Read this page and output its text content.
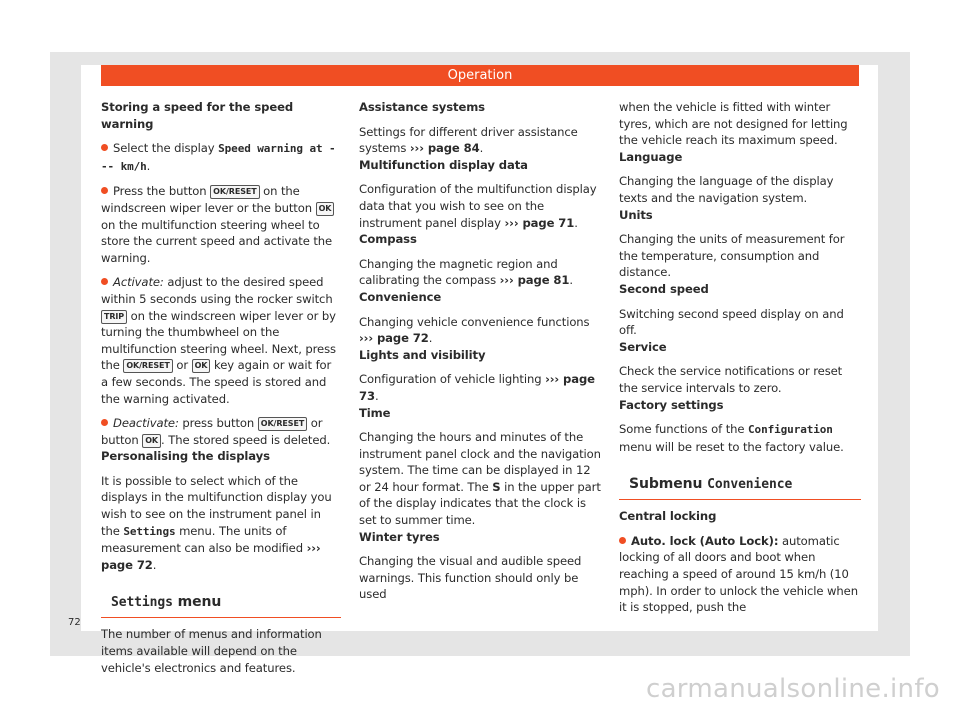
Operation

Storing a speed for the speed warning

Select the display Speed warning at --- km/h.

Press the button OK/RESET on the windscreen wiper lever or the button OK on the multifunction steering wheel to store the current speed and activate the warning.

Activate: adjust to the desired speed within 5 seconds using the rocker switch TRIP on the windscreen wiper lever or by turning the thumbwheel on the multifunction steering wheel. Next, press the OK/RESET or OK key again or wait for a few seconds. The speed is stored and the warning activated.

Deactivate: press button OK/RESET or button OK . The stored speed is deleted.

Personalising the displays

It is possible to select which of the displays in the multifunction display you wish to see on the instrument panel in the Settings menu. The units of measurement can also be modified ››› page 72.

Settings menu

The number of menus and information items available will depend on the vehicle's electronics and features.

Assistance systems

Settings for different driver assistance systems ››› page 84.

Multifunction display data

Configuration of the multifunction display data that you wish to see on the instrument panel display ››› page 71.

Compass

Changing the magnetic region and calibrating the compass ››› page 81.

Convenience

Changing vehicle convenience functions ››› page 72.

Lights and visibility

Configuration of vehicle lighting ››› page 73.

Time

Changing the hours and minutes of the instrument panel clock and the navigation system. The time can be displayed in 12 or 24 hour format. The S in the upper part of the display indicates that the clock is set to summer time.

Winter tyres

Changing the visual and audible speed warnings. This function should only be used

when the vehicle is fitted with winter tyres, which are not designed for letting the vehicle reach its maximum speed.

Language

Changing the language of the display texts and the navigation system.

Units

Changing the units of measurement for the temperature, consumption and distance.

Second speed

Switching second speed display on and off.

Service

Check the service notifications or reset the service intervals to zero.

Factory settings

Some functions of the Configuration menu will be reset to the factory value.

Submenu Convenience

Central locking

Auto. lock (Auto Lock): automatic locking of all doors and boot when reaching a speed of around 15 km/h (10 mph). In order to unlock the vehicle when it is stopped, push the

72
carmanualsonline.info
